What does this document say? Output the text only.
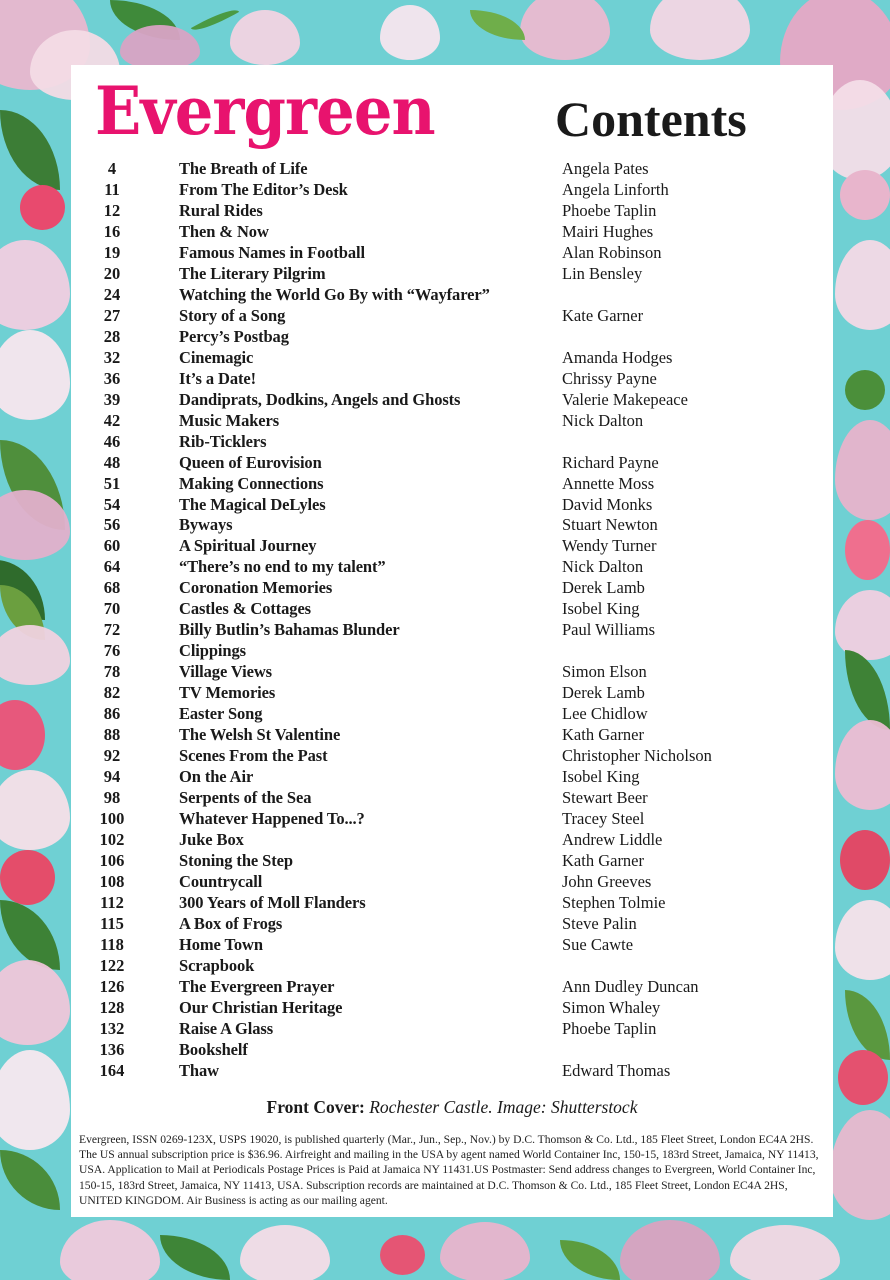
Evergreen Contents
4	The Breath of Life	Angela Pates
11	From The Editor’s Desk	Angela Linforth
12	Rural Rides	Phoebe Taplin
16	Then & Now	Mairi Hughes
19	Famous Names in Football	Alan Robinson
20	The Literary Pilgrim	Lin Bensley
24	Watching the World Go By with “Wayfarer”
27	Story of a Song	Kate Garner
28	Percy’s Postbag
32	Cinemagic	Amanda Hodges
36	It’s a Date!	Chrissy Payne
39	Dandiprats, Dodkins, Angels and Ghosts	Valerie Makepeace
42	Music Makers	Nick Dalton
46	Rib-Ticklers
48	Queen of Eurovision	Richard Payne
51	Making Connections	Annette Moss
54	The Magical DeLyles	David Monks
56	Byways	Stuart Newton
60	A Spiritual Journey	Wendy Turner
64	“There’s no end to my talent”	Nick Dalton
68	Coronation Memories	Derek Lamb
70	Castles & Cottages	Isobel King
72	Billy Butlin’s Bahamas Blunder	Paul Williams
76	Clippings
78	Village Views	Simon Elson
82	TV Memories	Derek Lamb
86	Easter Song	Lee Chidlow
88	The Welsh St Valentine	Kath Garner
92	Scenes From the Past	Christopher Nicholson
94	On the Air	Isobel King
98	Serpents of the Sea	Stewart Beer
100	Whatever Happened To...?	Tracey Steel
102	Juke Box	Andrew Liddle
106	Stoning the Step	Kath Garner
108	Countrycall	John Greeves
112	300 Years of Moll Flanders	Stephen Tolmie
115	A Box of Frogs	Steve Palin
118	Home Town	Sue Cawte
122	Scrapbook
126	The Evergreen Prayer	Ann Dudley Duncan
128	Our Christian Heritage	Simon Whaley
132	Raise A Glass	Phoebe Taplin
136	Bookshelf
164	Thaw	Edward Thomas
Front Cover: Rochester Castle. Image: Shutterstock
Evergreen, ISSN 0269-123X, USPS 19020, is published quarterly (Mar., Jun., Sep., Nov.) by D.C. Thomson & Co. Ltd., 185 Fleet Street, London EC4A 2HS. The US annual subscription price is $36.96. Airfreight and mailing in the USA by agent named World Container Inc, 150-15, 183rd Street, Jamaica, NY 11413, USA. Application to Mail at Periodicals Postage Prices is Paid at Jamaica NY 11431.US Postmaster: Send address changes to Evergreen, World Container Inc, 150-15, 183rd Street, Jamaica, NY 11413, USA. Subscription records are maintained at D.C. Thomson & Co. Ltd., 185 Fleet Street, London EC4A 2HS, UNITED KINGDOM. Air Business is acting as our mailing agent.
